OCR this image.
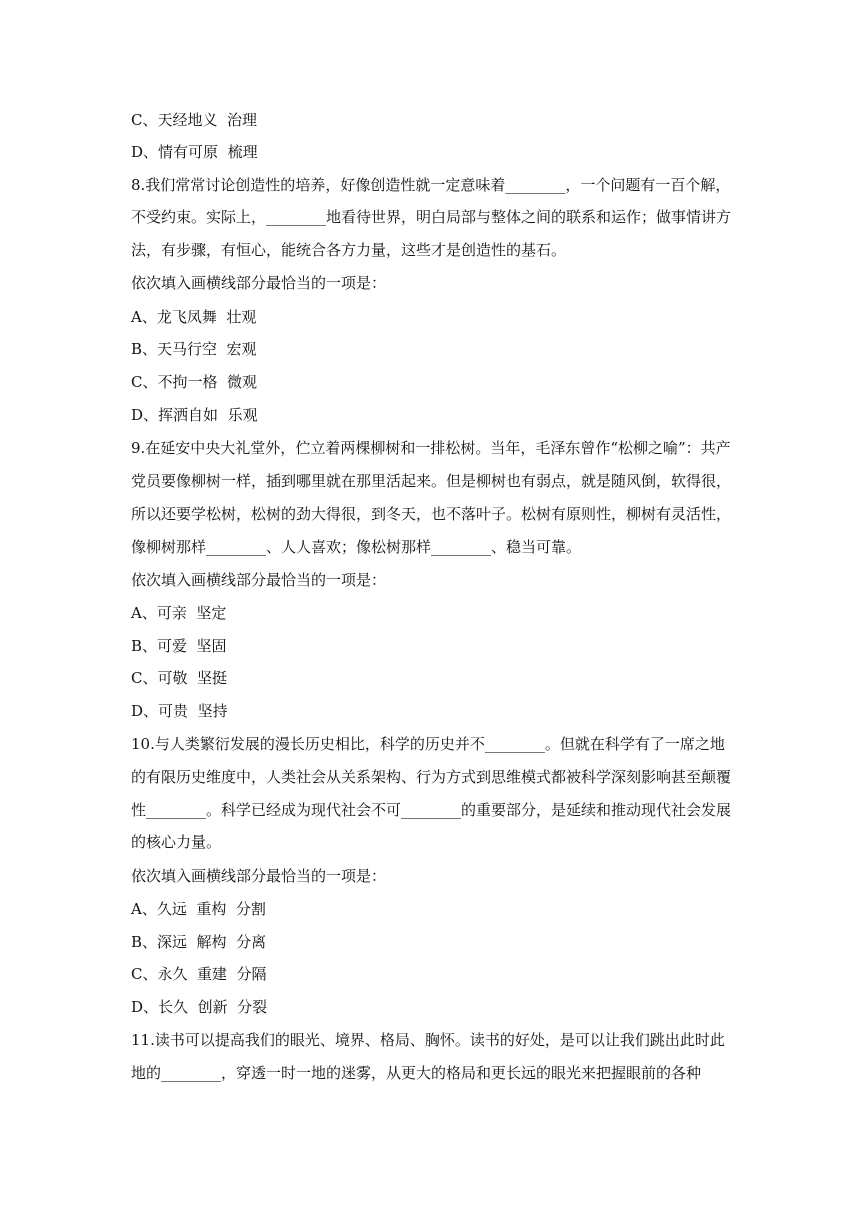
C、天经地义  治理
D、情有可原  梳理
8.我们常常讨论创造性的培养，好像创造性就一定意味着________，一个问题有一百个解，
不受约束。实际上，________地看待世界，明白局部与整体之间的联系和运作；做事情讲方
法，有步骤，有恒心，能统合各方力量，这些才是创造性的基石。
依次填入画横线部分最恰当的一项是：
A、龙飞凤舞  壮观
B、天马行空  宏观
C、不拘一格  微观
D、挥洒自如  乐观
9.在延安中央大礼堂外，伫立着两棵柳树和一排松树。当年，毛泽东曾作“松柳之喻”：共产
党员要像柳树一样，插到哪里就在那里活起来。但是柳树也有弱点，就是随风倒，软得很，
所以还要学松树，松树的劲大得很，到冬天，也不落叶子。松树有原则性，柳树有灵活性，
像柳树那样________、人人喜欢；像松树那样________、稳当可靠。
依次填入画横线部分最恰当的一项是：
A、可亲  坚定
B、可爱  坚固
C、可敬  坚挺
D、可贵  坚持
10.与人类繁衍发展的漫长历史相比，科学的历史并不________。但就在科学有了一席之地
的有限历史维度中，人类社会从关系架构、行为方式到思维模式都被科学深刻影响甚至颠覆
性________。科学已经成为现代社会不可________的重要部分，是延续和推动现代社会发展
的核心力量。
依次填入画横线部分最恰当的一项是：
A、久远  重构  分割
B、深远  解构  分离
C、永久  重建  分隔
D、长久  创新  分裂
11.读书可以提高我们的眼光、境界、格局、胸怀。读书的好处，是可以让我们跳出此时此
地的________，穿透一时一地的迷雾，从更大的格局和更长远的眼光来把握眼前的各种
